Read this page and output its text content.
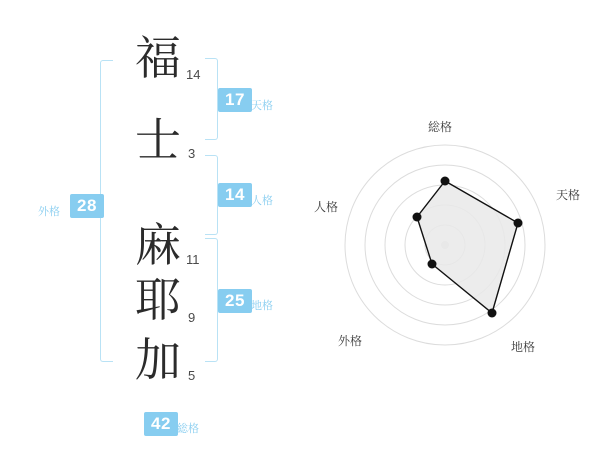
外格	28
福 14
士 3
麻 11
耶 9
加 5
17 天格
14 人格
25 地格
42 総格
総格
天格
地格
外格
人格
